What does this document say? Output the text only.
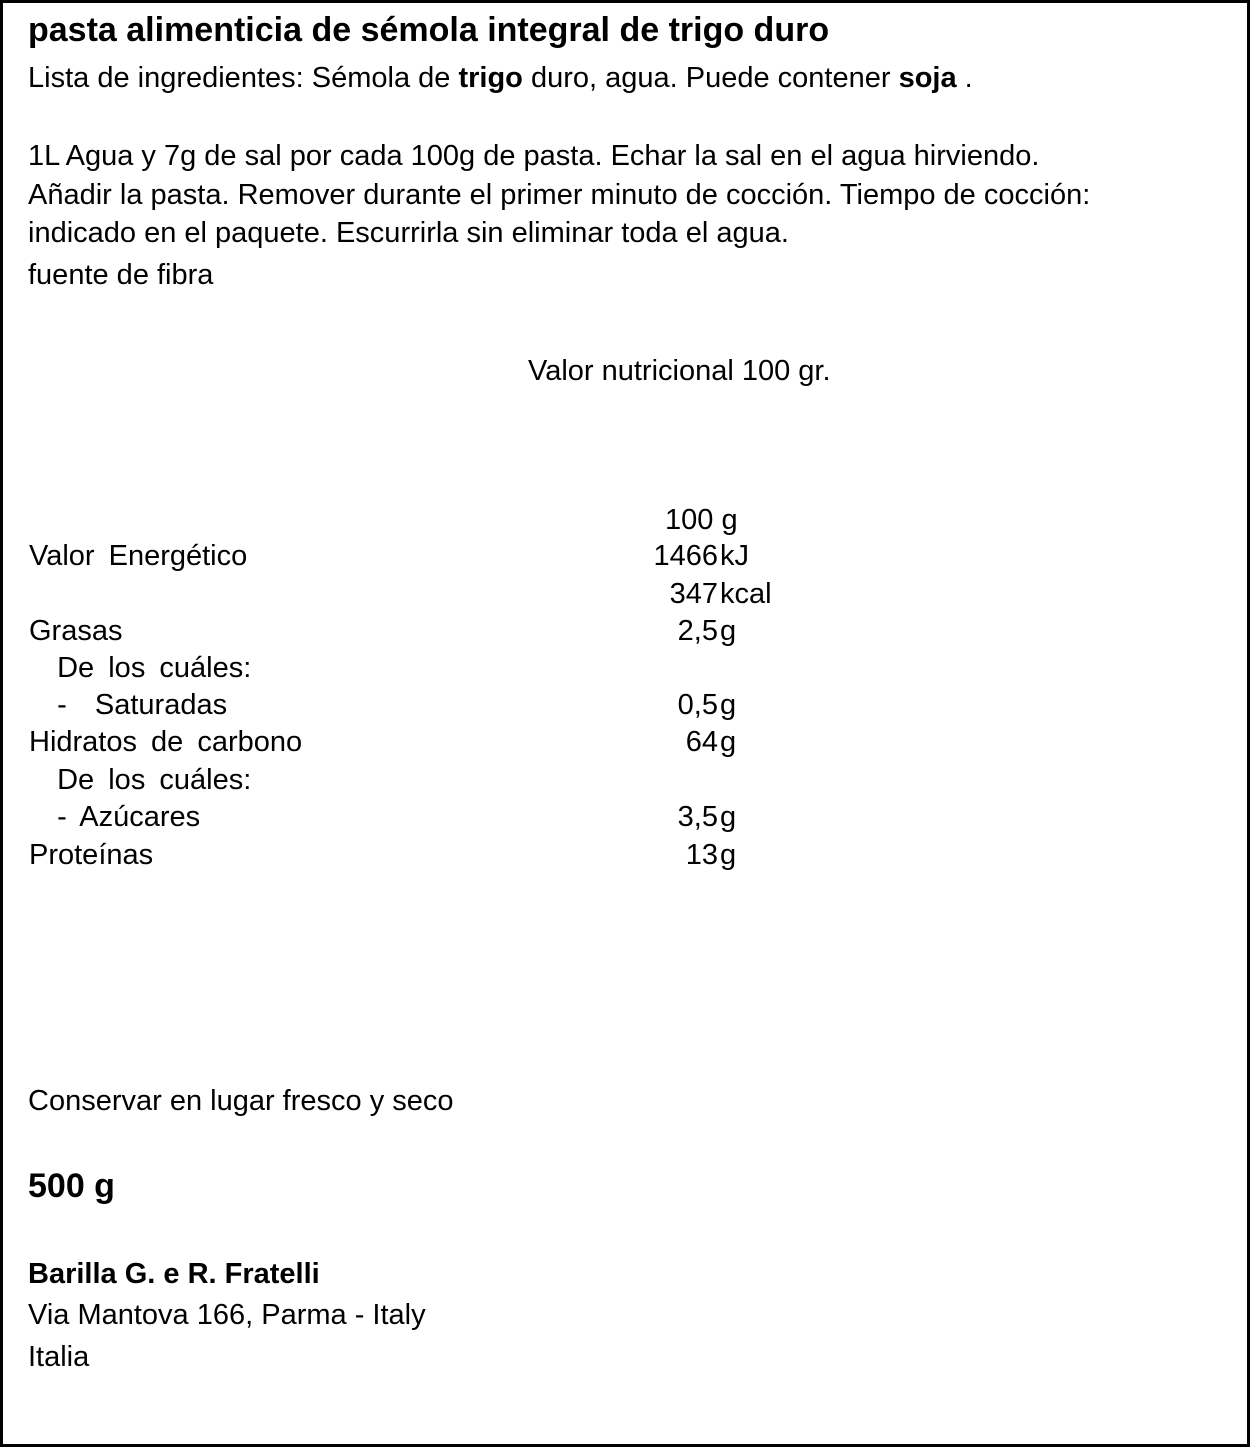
pasta alimenticia de sémola integral de trigo duro
Lista de ingredientes: Sémola de trigo duro, agua. Puede contener soja .
1L Agua y 7g de sal por cada 100g de pasta. Echar la sal en el agua hirviendo.
Añadir la pasta. Remover durante el primer minuto de cocción. Tiempo de cocción:
indicado en el paquete. Escurrirla sin eliminar toda el agua.
fuente de fibra
Valor nutricional 100 gr.
100 g
Valor Energético	1466 kJ
347 kcal
Grasas	2,5 g
De los cuáles:
-  Saturadas	0,5 g
Hidratos de carbono	64 g
De los cuáles:
- Azúcares	3,5 g
Proteínas	13 g
Conservar en lugar fresco y seco
500 g
Barilla G. e R. Fratelli
Via Mantova 166, Parma - Italy
Italia
